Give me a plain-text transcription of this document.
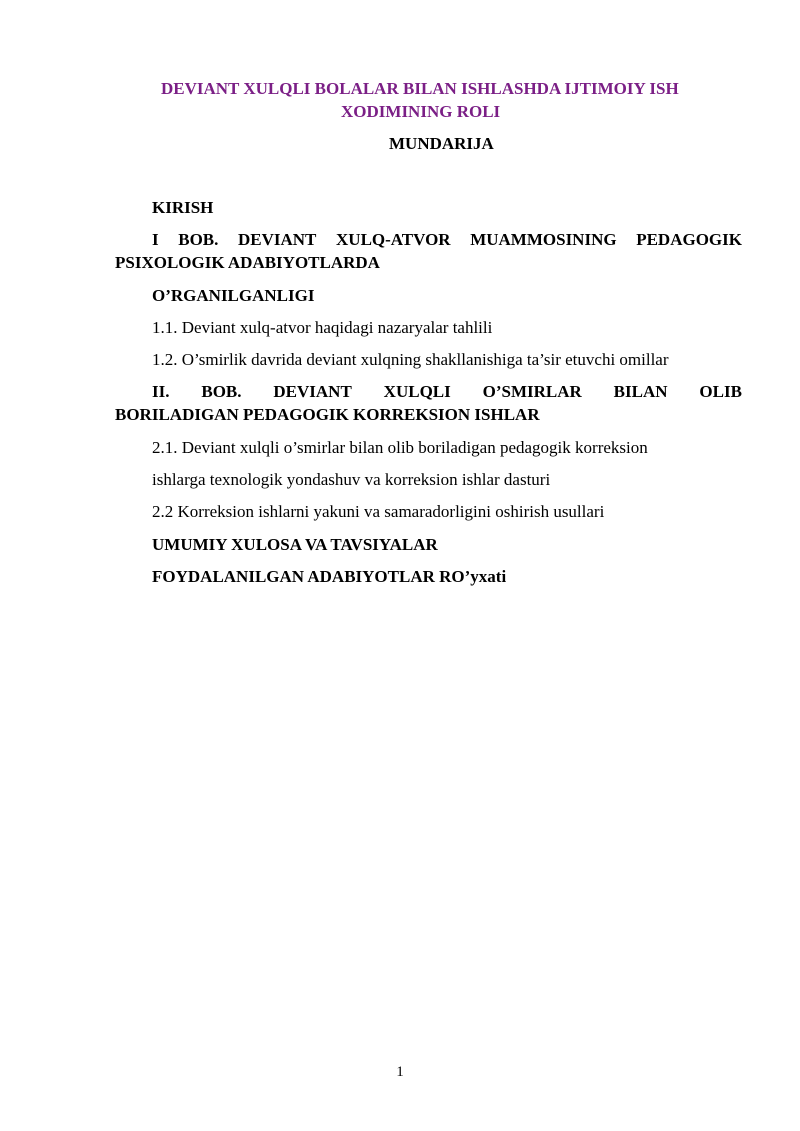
DEVIANT XULQLI BOLALAR BILAN ISHLASHDA IJTIMOIY ISH
XODIMINING ROLI
MUNDARIJA
KIRISH
I BOB. DEVIANT XULQ-ATVOR MUAMMOSINING PEDAGOGIK
PSIXOLOGIK ADABIYOTLARDA
O’RGANILGANLIGI
1.1. Deviant xulq-atvor haqidagi nazaryalar tahlili
1.2. O’smirlik davrida deviant xulqning shakllanishiga ta’sir etuvchi omillar
II. BOB. DEVIANT XULQLI O’SMIRLAR BILAN OLIB
BORILADIGAN PEDAGOGIK KORREKSION ISHLAR
2.1. Deviant xulqli o’smirlar bilan olib boriladigan pedagogik korreksion
ishlarga texnologik yondashuv va korreksion ishlar dasturi
2.2 Korreksion ishlarni yakuni va samaradorligini oshirish usullari
UMUMIY XULOSA VA TAVSIYALAR
FOYDALANILGAN ADABIYOTLAR RO’yxati
1
